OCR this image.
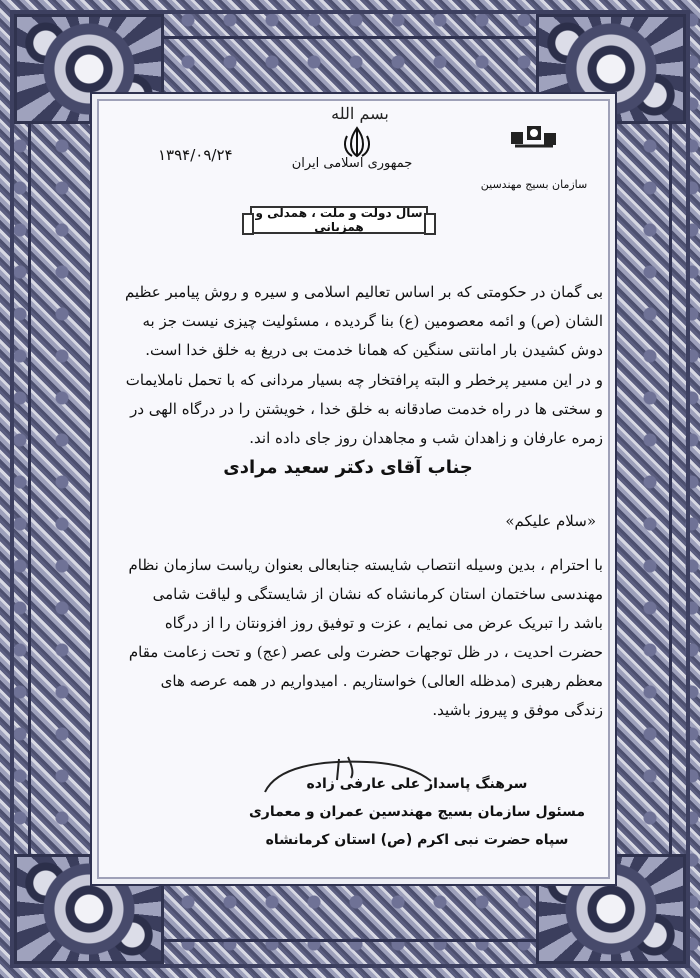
بسم الله
جمهوری اسلامی ایران
۱۳۹۴/۰۹/۲۴
سازمان بسیج مهندسین
سال دولت و ملت ، همدلی و همزبانی
بی گمان در حکومتی که بر اساس تعالیم اسلامی و سیره و روش پیامبر عظیم الشان (ص) و ائمه معصومین (ع) بنا گردیده ، مسئولیت چیزی نیست جز به دوش کشیدن بار امانتی سنگین که همانا خدمت بی دریغ به خلق خدا است.
و در این مسیر پرخطر و البته پرافتخار چه بسیار مردانی که با تحمل ناملایمات و سختی ها در راه خدمت صادقانه به خلق خدا ، خویشتن را در درگاه الهی در زمره عارفان و زاهدان شب و مجاهدان روز جای داده اند.
جناب آقای دکتر سعید مرادی
«سلام علیکم»
با احترام ، بدین وسیله انتصاب شایسته جنابعالی بعنوان ریاست سازمان نظام مهندسی ساختمان استان کرمانشاه که نشان از شایستگی و لیاقت شامی باشد را تبریک عرض می نمایم ، عزت و توفیق روز افزونتان را از درگاه حضرت احدیت ، در ظل توجهات حضرت ولی عصر (عج) و تحت زعامت مقام معظم رهبری (مدظله العالی) خواستاریم . امیدواریم در همه عرصه های زندگی موفق و پیروز باشید.
سرهنگ پاسدار علی عارفی زاده
مسئول سازمان بسیج مهندسین عمران و معماری
سپاه حضرت نبی اکرم (ص) استان کرمانشاه
